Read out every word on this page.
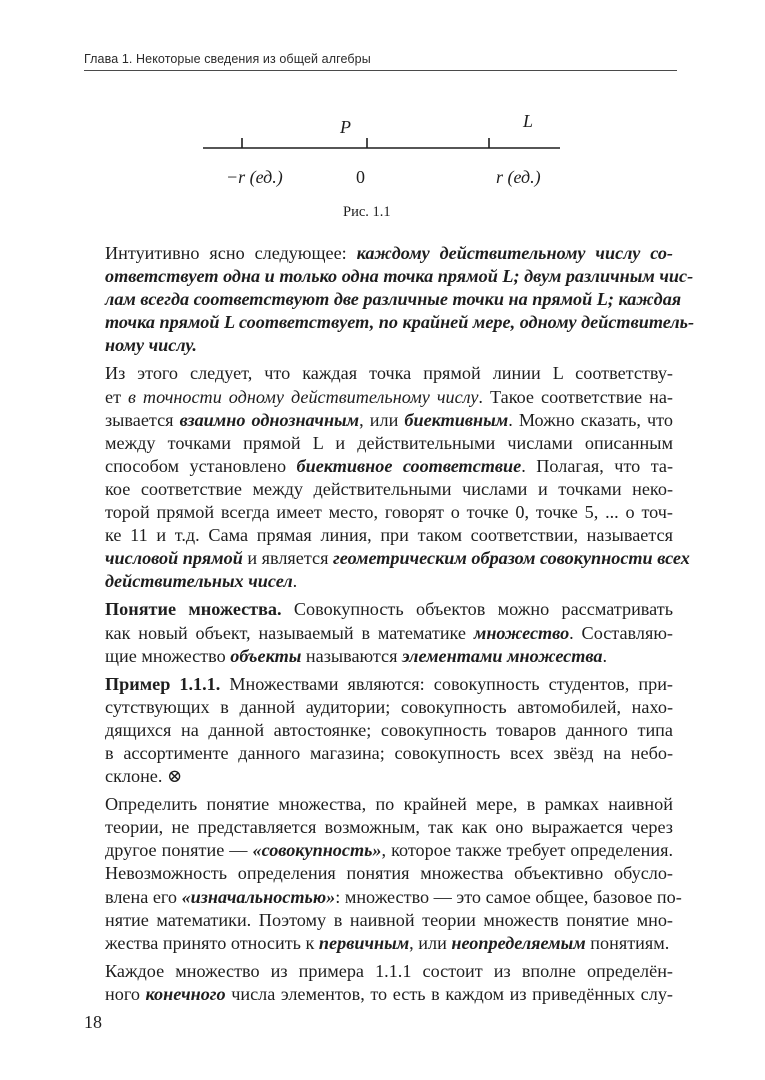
Глава 1. Некоторые сведения из общей алгебры
P	L
−r (ед.)	0	r (ед.)
Рис. 1.1

Интуитивно ясно следующее: каждому действительному числу со-
ответствует одна и только одна точка прямой L; двум различным чис-
лам всегда соответствуют две различные точки на прямой L; каждая
точка прямой L соответствует, по крайней мере, одному действитель-
ному числу.

Из этого следует, что каждая точка прямой линии L соответству-
ет в точности одному действительному числу. Такое соответствие на-
зывается взаимно однозначным, или биективным. Можно сказать, что
между точками прямой L и действительными числами описанным
способом установлено биективное соответствие. Полагая, что та-
кое соответствие между действительными числами и точками неко-
торой прямой всегда имеет место, говорят о точке 0, точке 5, ... о точ-
ке 11 и т.д. Сама прямая линия, при таком соответствии, называется
числовой прямой и является геометрическим образом совокупности всех
действительных чисел.

Понятие множества. Совокупность объектов можно рассматривать
как новый объект, называемый в математике множество. Составляю-
щие множество объекты называются элементами множества.

Пример 1.1.1. Множествами являются: совокупность студентов, при-
сутствующих в данной аудитории; совокупность автомобилей, нахо-
дящихся на данной автостоянке; совокупность товаров данного типа
в ассортименте данного магазина; совокупность всех звёзд на небо-
склоне. ⊗

Определить понятие множества, по крайней мере, в рамках наивной
теории, не представляется возможным, так как оно выражается через
другое понятие — «совокупность», которое также требует определения.
Невозможность определения понятия множества объективно обусло-
влена его «изначальностью»: множество — это самое общее, базовое по-
нятие математики. Поэтому в наивной теории множеств понятие мно-
жества принято относить к первичным, или неопределяемым понятиям.

Каждое множество из примера 1.1.1 состоит из вполне определён-
ного конечного числа элементов, то есть в каждом из приведённых слу-

18
